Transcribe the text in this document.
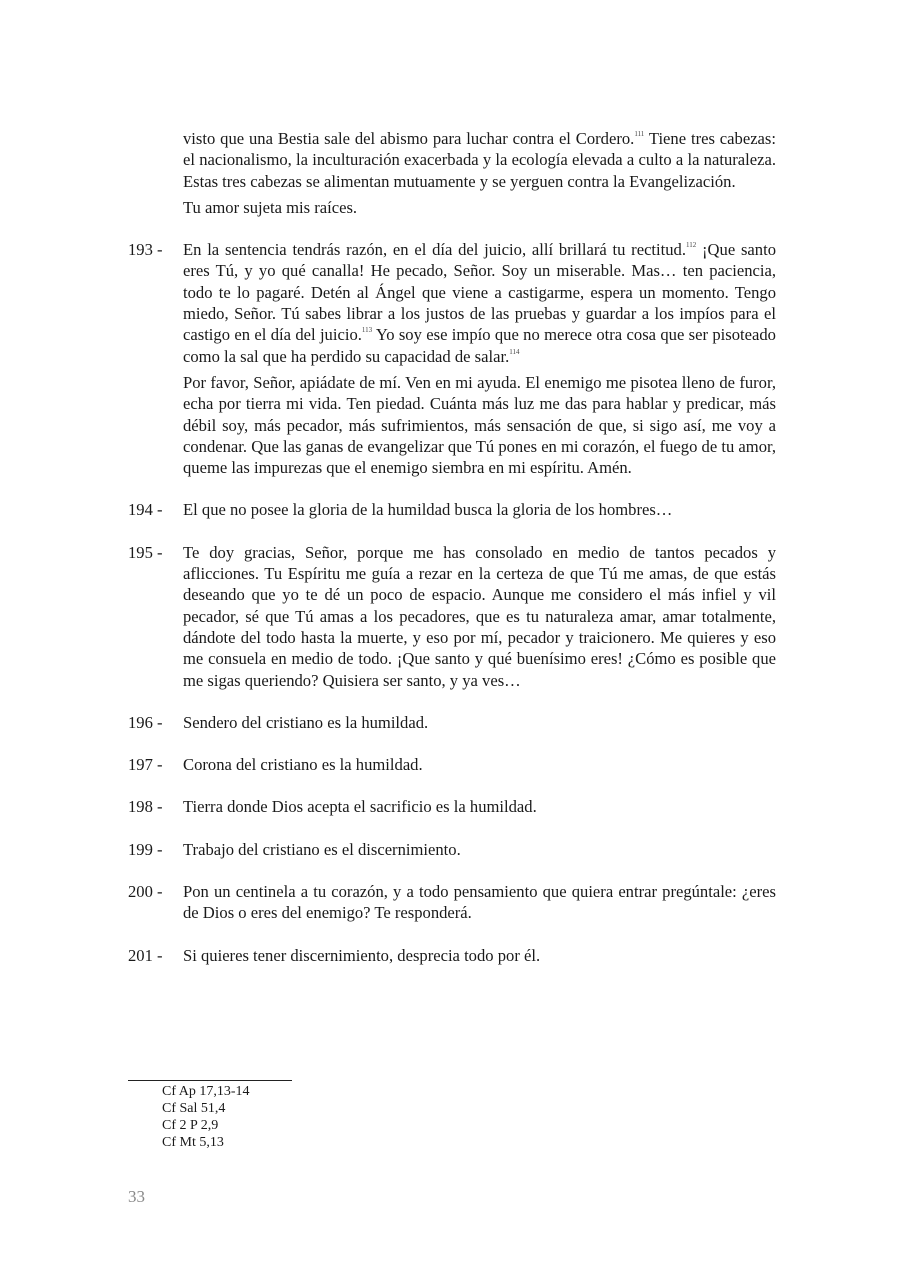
visto que una Bestia sale del abismo para luchar contra el Cordero.$^{111}$ Tiene tres cabezas: el nacionalismo, la inculturación exacerbada y la ecología elevada a culto a la naturaleza. Estas tres cabezas se alimentan mutuamente y se yerguen contra la Evangelización.

Tu amor sujeta mis raíces.

193 -	En la sentencia tendrás razón, en el día del juicio, allí brillará tu rectitud.$^{112}$ ¡Que santo eres Tú, y yo qué canalla! He pecado, Señor. Soy un miserable. Mas… ten paciencia, todo te lo pagaré. Detén al Ángel que viene a castigarme, espera un momento. Tengo miedo, Señor. Tú sabes librar a los justos de las pruebas y guardar a los impíos para el castigo en el día del juicio.$^{113}$ Yo soy ese impío que no merece otra cosa que ser pisoteado como la sal que ha perdido su capacidad de salar.$^{114}$

Por favor, Señor, apiádate de mí. Ven en mi ayuda. El enemigo me pisotea lleno de furor, echa por tierra mi vida. Ten piedad. Cuánta más luz me das para hablar y predicar, más débil soy, más pecador, más sufrimientos, más sensación de que, si sigo así, me voy a condenar. Que las ganas de evangelizar que Tú pones en mi corazón, el fuego de tu amor, queme las impurezas que el enemigo siembra en mi espíritu. Amén.

194 -	El que no posee la gloria de la humildad busca la gloria de los hombres…

195 -	Te doy gracias, Señor, porque me has consolado en medio de tantos pecados y aflicciones. Tu Espíritu me guía a rezar en la certeza de que Tú me amas, de que estás deseando que yo te dé un poco de espacio. Aunque me considero el más infiel y vil pecador, sé que Tú amas a los pecadores, que es tu naturaleza amar, amar totalmente, dándote del todo hasta la muerte, y eso por mí, pecador y traicionero. Me quieres y eso me consuela en medio de todo. ¡Que santo y qué buenísimo eres! ¿Cómo es posible que me sigas queriendo? Quisiera ser santo, y ya ves…

196 -	Sendero del cristiano es la humildad.

197 -	Corona del cristiano es la humildad.

198 -	Tierra donde Dios acepta el sacrificio es la humildad.

199 -	Trabajo del cristiano es el discernimiento.

200 -	Pon un centinela a tu corazón, y a todo pensamiento que quiera entrar pregúntale: ¿eres de Dios o eres del enemigo? Te responderá.

201 -	Si quieres tener discernimiento, desprecia todo por él.

Cf Ap 17,13-14
Cf Sal 51,4
Cf 2 P 2,9
Cf Mt 5,13
33
